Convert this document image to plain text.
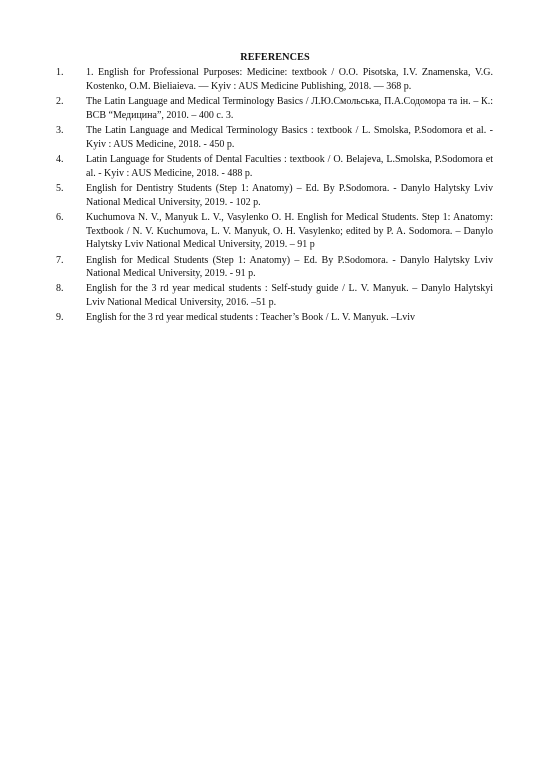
REFERENCES
1.	1. English for Professional Purposes: Medicine: textbook / O.O. Pisotska, I.V. Znamenska, V.G. Kostenko, O.M. Bieliaieva. — Kyiv : AUS Medicine Publishing, 2018. — 368 p.
2.	The Latin Language and Medical Terminology Basics / Л.Ю.Смольська, П.А.Содомора та ін. – К.: ВСВ “Медицина”, 2010. – 400 с. 3.
3.	The Latin Language and Medical Terminology Basics : textbook / L. Smolska, P.Sodomora et al. - Kyiv : AUS Medicine, 2018. - 450 p.
4.	Latin Language for Students of Dental Faculties : textbook / O. Belajeva, L.Smolska, P.Sodomora et al. - Kyiv : AUS Medicine, 2018. - 488 p.
5.	English for Dentistry Students (Step 1: Anatomy) – Ed. By P.Sodomora. - Danylo Halytsky Lviv National Medical University, 2019. - 102 p.
6.	Kuchumova N. V., Manyuk L. V., Vasylenko O. H. English for Medical Students. Step 1: Anatomy: Textbook / N. V. Kuchumova, L. V. Manyuk, O. H. Vasylenko; edited by P. A. Sodomora. – Danylo Halytsky Lviv National Medical University, 2019. – 91 p
7.	English for Medical Students (Step 1: Anatomy) – Ed. By P.Sodomora. - Danylo Halytsky Lviv National Medical University, 2019. - 91 p.
8.	English for the 3 rd year medical students : Self-study guide / L. V. Manyuk. – Danylo Halytskyi Lviv National Medical University, 2016. –51 p.
9.	English for the 3 rd year medical students : Teacher’s Book / L. V. Manyuk. –Lviv
